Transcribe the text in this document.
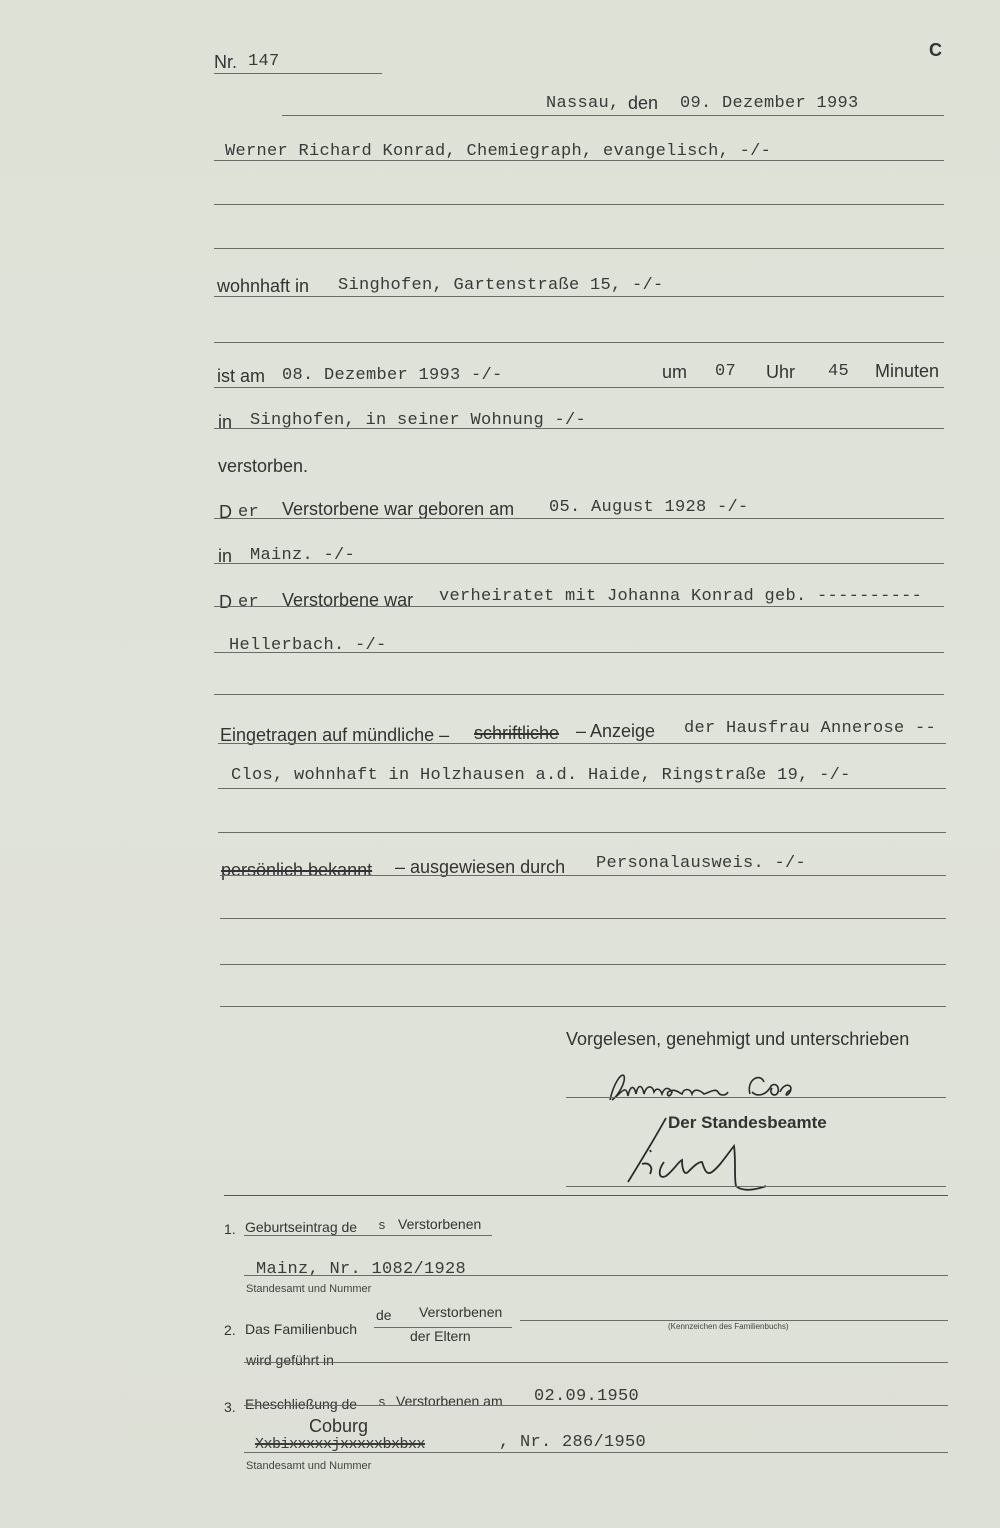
C
Nr. 147
Nassau, den 09. Dezember 1993
Werner Richard Konrad, Chemiegraph, evangelisch, -/-
wohnhaft in Singhofen, Gartenstraße 15, -/-
ist am 08. Dezember 1993 -/-	um 07 Uhr 45 Minuten
in Singhofen, in seiner Wohnung -/-
verstorben.
D er Verstorbene war geboren am 05. August 1928 -/-
in Mainz. -/-
D er Verstorbene war verheiratet mit Johanna Konrad geb. ----------
Hellerbach. -/-
Eingetragen auf mündliche – schriftliche – Anzeige der Hausfrau Annerose --
Clos, wohnhaft in Holzhausen a.d. Haide, Ringstraße 19, -/-
persönlich bekannt – ausgewiesen durch Personalausweis. -/-
Vorgelesen, genehmigt und unterschrieben
Der Standesbeamte
1. Geburtseintrag de s Verstorbenen
Mainz, Nr. 1082/1928
Standesamt und Nummer
2. Das Familienbuch
de Verstorbenen
der Eltern
(Kennzeichen des Familienbuchs)
wird geführt in
3. Eheschließung de s Verstorbenen am 02.09.1950
Coburg
Xxbixxxxxjxxxxxbxbxx	, Nr. 286/1950
Standesamt und Nummer
